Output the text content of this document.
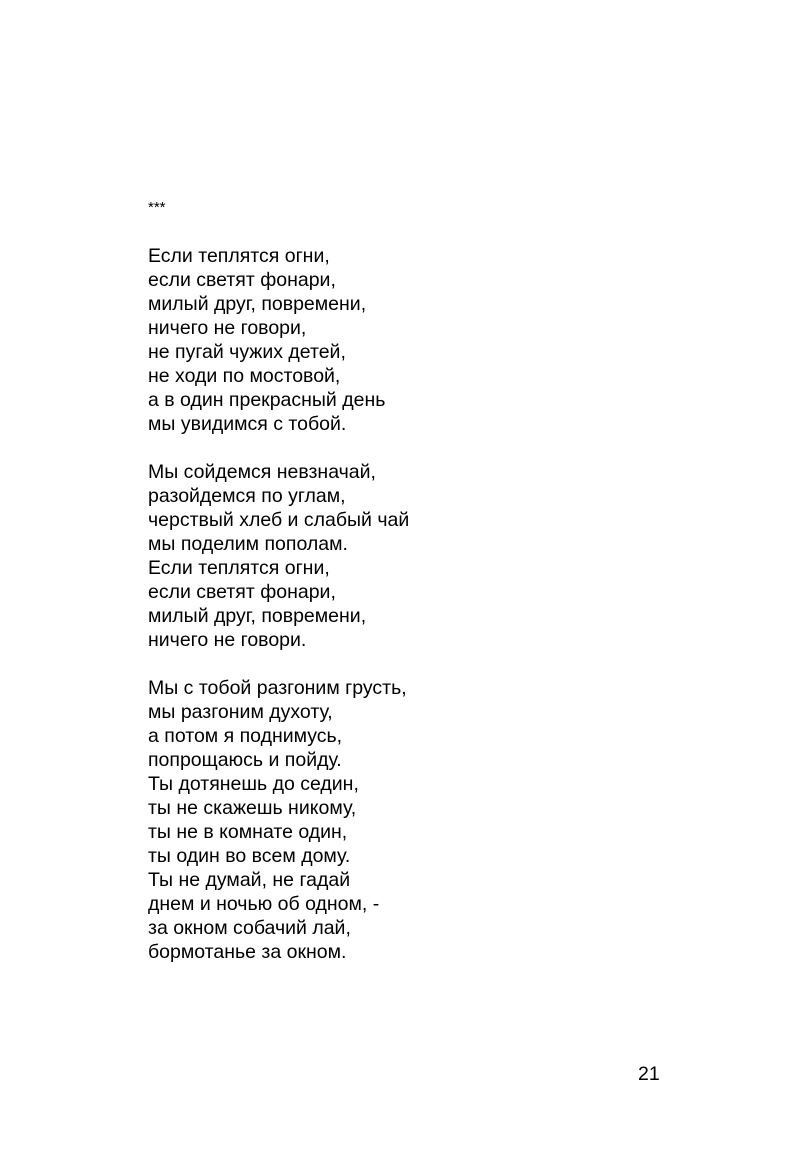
***
Если теплятся огни,
если светят фонари,
милый друг, повремени,
ничего не говори,
не пугай чужих детей,
не ходи по мостовой,
а в один прекрасный день
мы увидимся с тобой.
Мы сойдемся невзначай,
разойдемся по углам,
черствый хлеб и слабый чай
мы поделим пополам.
Если теплятся огни,
если светят фонари,
милый друг, повремени,
ничего не говори.
Мы с тобой разгоним грусть,
мы разгоним духоту,
а потом я поднимусь,
попрощаюсь и пойду.
Ты дотянешь до седин,
ты не скажешь никому,
ты не в комнате один,
ты один во всем дому.
Ты не думай, не гадай
днем и ночью об одном, -
за окном собачий лай,
бормотанье за окном.
21
